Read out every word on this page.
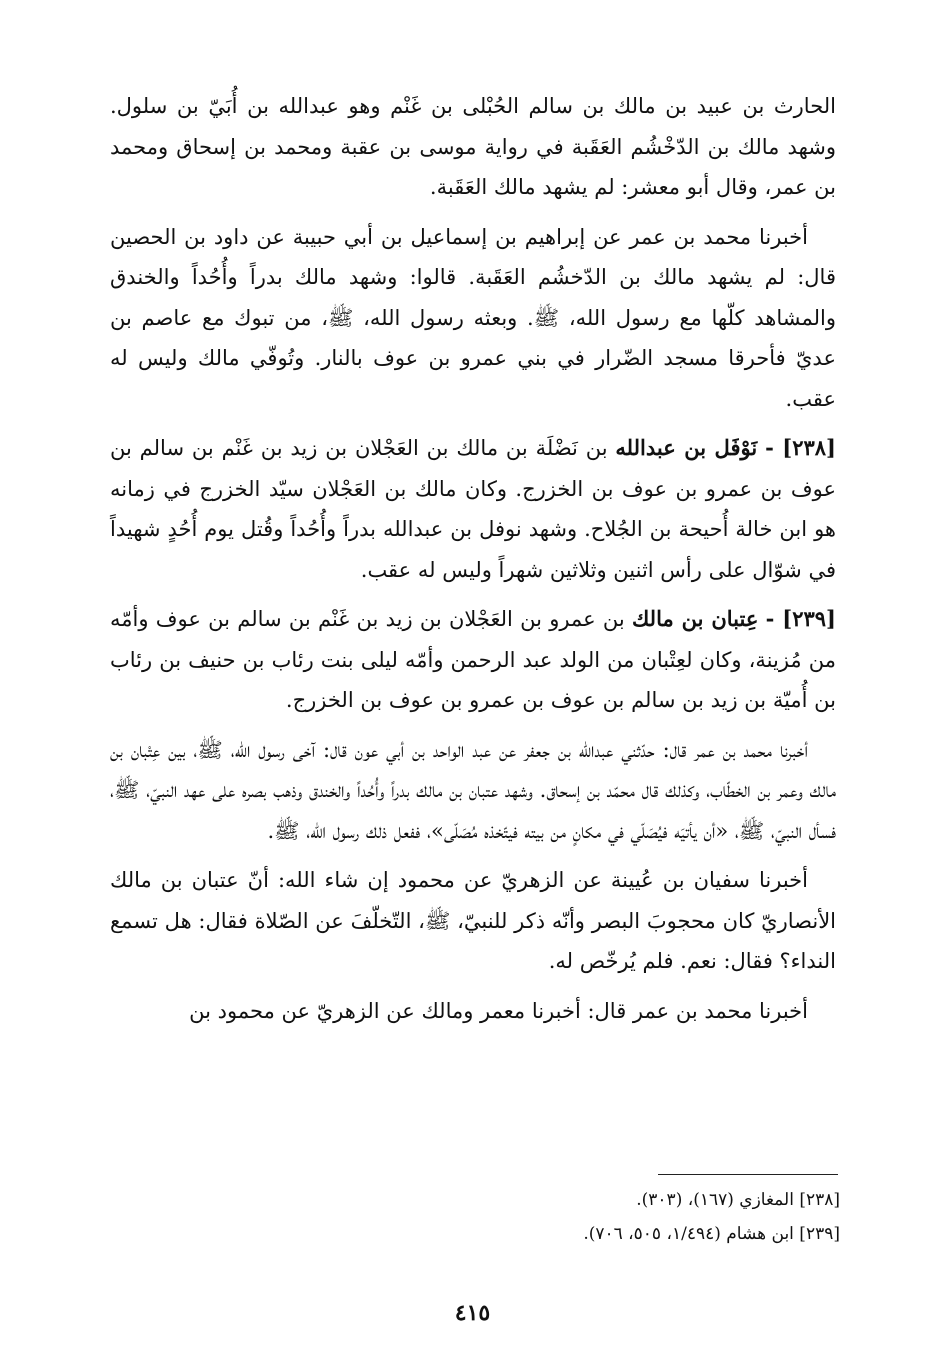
الحارث بن عبيد بن مالك بن سالم الحُبْلى بن غَنْم وهو عبدالله بن أُبَيّ بن سلول. وشهد مالك بن الدّخْشُم العَقَبة في رواية موسى بن عقبة ومحمد بن إسحاق ومحمد بن عمر، وقال أبو معشر: لم يشهد مالك العَقَبة.

أخبرنا محمد بن عمر عن إبراهيم بن إسماعيل بن أبي حبيبة عن داود بن الحصين قال: لم يشهد مالك بن الدّخشُم العَقَبة. قالوا: وشهد مالك بدراً وأُحُداً والخندق والمشاهد كلّها مع رسول الله، ﷺ. وبعثه رسول الله، ﷺ، من تبوك مع عاصم بن عديّ فأحرقا مسجد الضّرار في بني عمرو بن عوف بالنار. وتُوفّي مالك وليس له عقب.

[٢٣٨] - نَوْفَل بن عبدالله بن نَضْلَة بن مالك بن العَجْلان بن زيد بن غَنْم بن سالم بن عوف بن عمرو بن عوف بن الخزرج. وكان مالك بن العَجْلان سيّد الخزرج في زمانه هو ابن خالة أُحيحة بن الجُلاح. وشهد نوفل بن عبدالله بدراً وأُحُداً وقُتل يوم أُحُدٍ شهيداً في شوّال على رأس اثنين وثلاثين شهراً وليس له عقب.

[٢٣٩] - عِتبان بن مالك بن عمرو بن العَجْلان بن زيد بن غَنْم بن سالم بن عوف وأمّه من مُزينة، وكان لعِتْبان من الولد عبد الرحمن وأمّه ليلى بنت رئاب بن حنيف بن رئاب بن أُميّة بن زيد بن سالم بن عوف بن عمرو بن عوف بن الخزرج.

أخبرنا محمد بن عمر قال: حدّثني عبدالله بن جعفر عن عبد الواحد بن أبي عون قال: آخى رسول الله، ﷺ، بين عِتْبان بن مالك وعمر بن الخطّاب، وكذلك قال محمّد بن إسحاق. وشهد عتبان بن مالك بدراً وأُحُداً والخندق وذهب بصره على عهد النبيّ، ﷺ، فسأل النبيّ، ﷺ، «أن يأتيَه فيُصَلّي في مكانٍ من بيته فيتّخذه مُصَلّى»، ففعل ذلك رسول الله، ﷺ.

أخبرنا سفيان بن عُيينة عن الزهريّ عن محمود إن شاء الله: أنّ عتبان بن مالك الأنصاريّ كان محجوبَ البصر وأنّه ذكر للنبيّ، ﷺ، التّخلّفَ عن الصّلاة فقال: هل تسمع النداء؟ فقال: نعم. فلم يُرخّص له.

أخبرنا محمد بن عمر قال: أخبرنا معمر ومالك عن الزهريّ عن محمود بن

[٢٣٨] المغازي (١٦٧)، (٣٠٣).

[٢٣٩] ابن هشام (١/٤٩٤، ٥٠٥، ٧٠٦).

٤١٥
